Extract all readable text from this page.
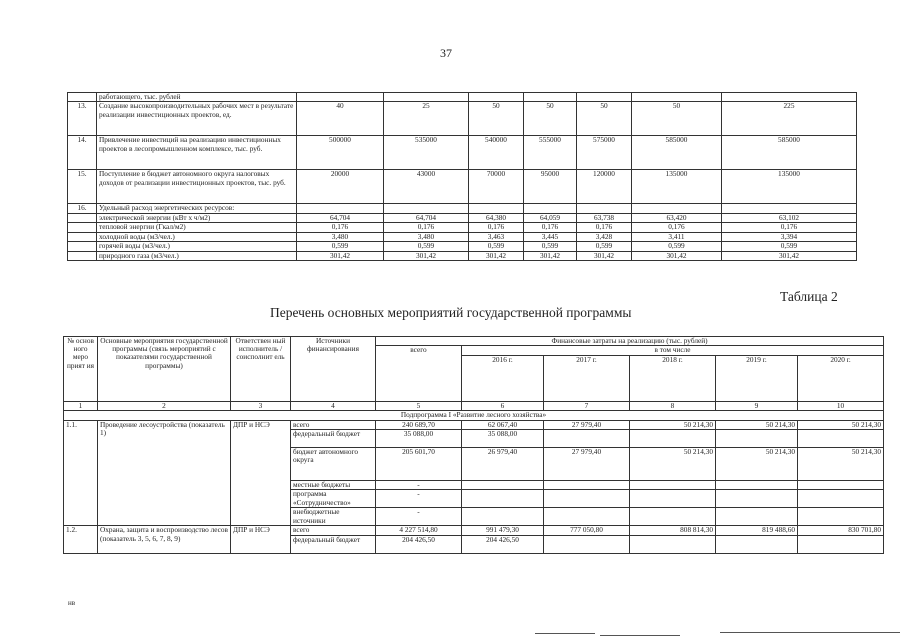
37
	работающего, тыс. рублей							
13.	Создание высокопроизводительных рабочих мест в результате реализации инвестиционных проектов, ед.	40	25	50	50	50	50	225
14.	Привлечение инвестиций на реализацию инвестиционных проектов в лесопромышленном комплексе, тыс. руб.	500000	535000	540000	555000	575000	585000	585000
15.	Поступление в бюджет автономного округа налоговых доходов от реализации инвестиционных проектов, тыс. руб.	20000	43000	70000	95000	120000	135000	135000
16.	Удельный расход энергетических ресурсов:							
	электрической энергии (кВт х ч/м2)	64,704	64,704	64,380	64,059	63,738	63,420	63,102
	тепловой энергии (Гкал/м2)	0,176	0,176	0,176	0,176	0,176	0,176	0,176
	холодной воды (м3/чел.)	3,480	3,480	3,463	3,445	3,428	3,411	3,394
	горячей воды (м3/чел.)	0,599	0,599	0,599	0,599	0,599	0,599	0,599
	природного газа (м3/чел.)	301,42	301,42	301,42	301,42	301,42	301,42	301,42
Таблица 2
Перечень основных мероприятий государственной программы
№ основ ного меро прият ия	Основные мероприятия государственной программы (связь мероприятий с показателями государственной программы)	Ответствен ный исполнитель / соисполнит ель	Источники финансирования	Финансовые затраты на реализацию (тыс. рублей)					
				всего	в том числе				
					2016 г.	2017 г.	2018 г.	2019 г.	2020 г.
1	2	3	4	5	6	7	8	9	10
Подпрограмма I «Развитие лесного хозяйства»									
1.1.	Проведение лесоустройства (показатель 1)	ДПР и НСЭ	всего	240 689,70	62 067,40	27 979,40	50 214,30	50 214,30	50 214,30
			федеральный бюджет	35 088,00	35 088,00				
			бюджет автономного округа	205 601,70	26 979,40	27 979,40	50 214,30	50 214,30	50 214,30
			местные бюджеты	-					
			программа «Сотрудничество»	-					
			внебюджетные источники	-					
1.2.	Охрана, защита и воспроизводство лесов (показатель 3, 5, 6, 7, 8, 9)	ДПР и НСЭ	всего	4 227 514,80	991 479,30	777 050,80	808 814,30	819 488,60	830 701,80
			федеральный бюджет	204 426,50	204 426,50				
нв
